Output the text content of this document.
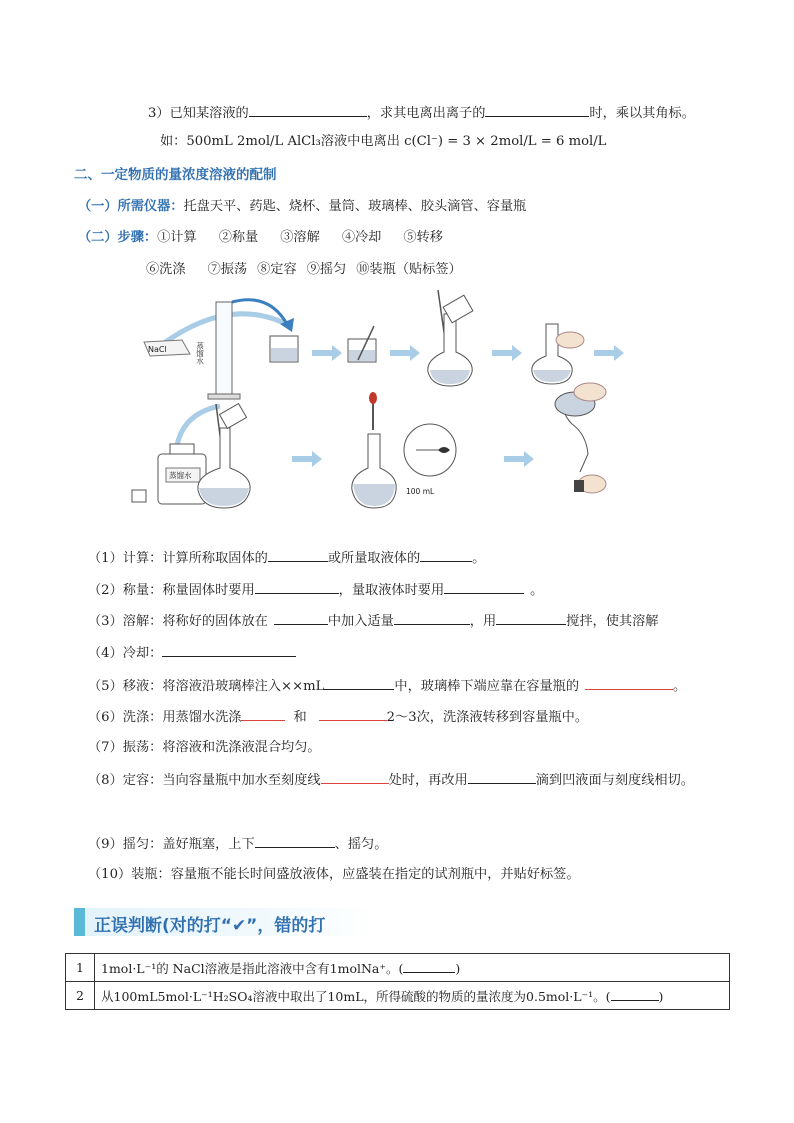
3）已知某溶液的	，求其电离出离子的	时，乘以其角标。
如：500mL 2mol/L AlCl₃溶液中电离出 c(Cl⁻) = 3 × 2mol/L = 6 mol/L
二、一定物质的量浓度溶液的配制
（一）所需仪器：托盘天平、药匙、烧杯、量筒、玻璃棒、胶头滴管、容量瓶
（二）步骤：①计算 ②称量 ③溶解 ④冷却 ⑤转移
⑥洗涤 ⑦振荡 ⑧定容 ⑨摇匀 ⑩装瓶（贴标签）
NaCl	蒸馏水
蒸馏水
100 mL
（1）计算：计算所称取固体的	或所量取液体的	。
（2）称量：称量固体时要用	，量取液体时要用	。
（3）溶解：将称好的固体放在	中加入适量	，用	搅拌，使其溶解
（4）冷却：
（5）移液：将溶液沿玻璃棒注入××mL	中，玻璃棒下端应靠在容量瓶的	。
（6）洗涤：用蒸馏水洗涤	和	2～3次，洗涤液转移到容量瓶中。
（7）振荡：将溶液和洗涤液混合均匀。
（8）定容：当向容量瓶中加水至刻度线	处时，再改用	滴到凹液面与刻度线相切。
（9）摇匀：盖好瓶塞，上下	、摇匀。
（10）装瓶：容量瓶不能长时间盛放液体，应盛装在指定的试剂瓶中，并贴好标签。
正误判断(对的打“✔”，错的打
1	1mol·L⁻¹的 NaCl溶液是指此溶液中含有1molNa⁺。( )
2	从100mL5mol·L⁻¹H₂SO₄溶液中取出了10mL，所得硫酸的物质的量浓度为0.5mol·L⁻¹。( )
